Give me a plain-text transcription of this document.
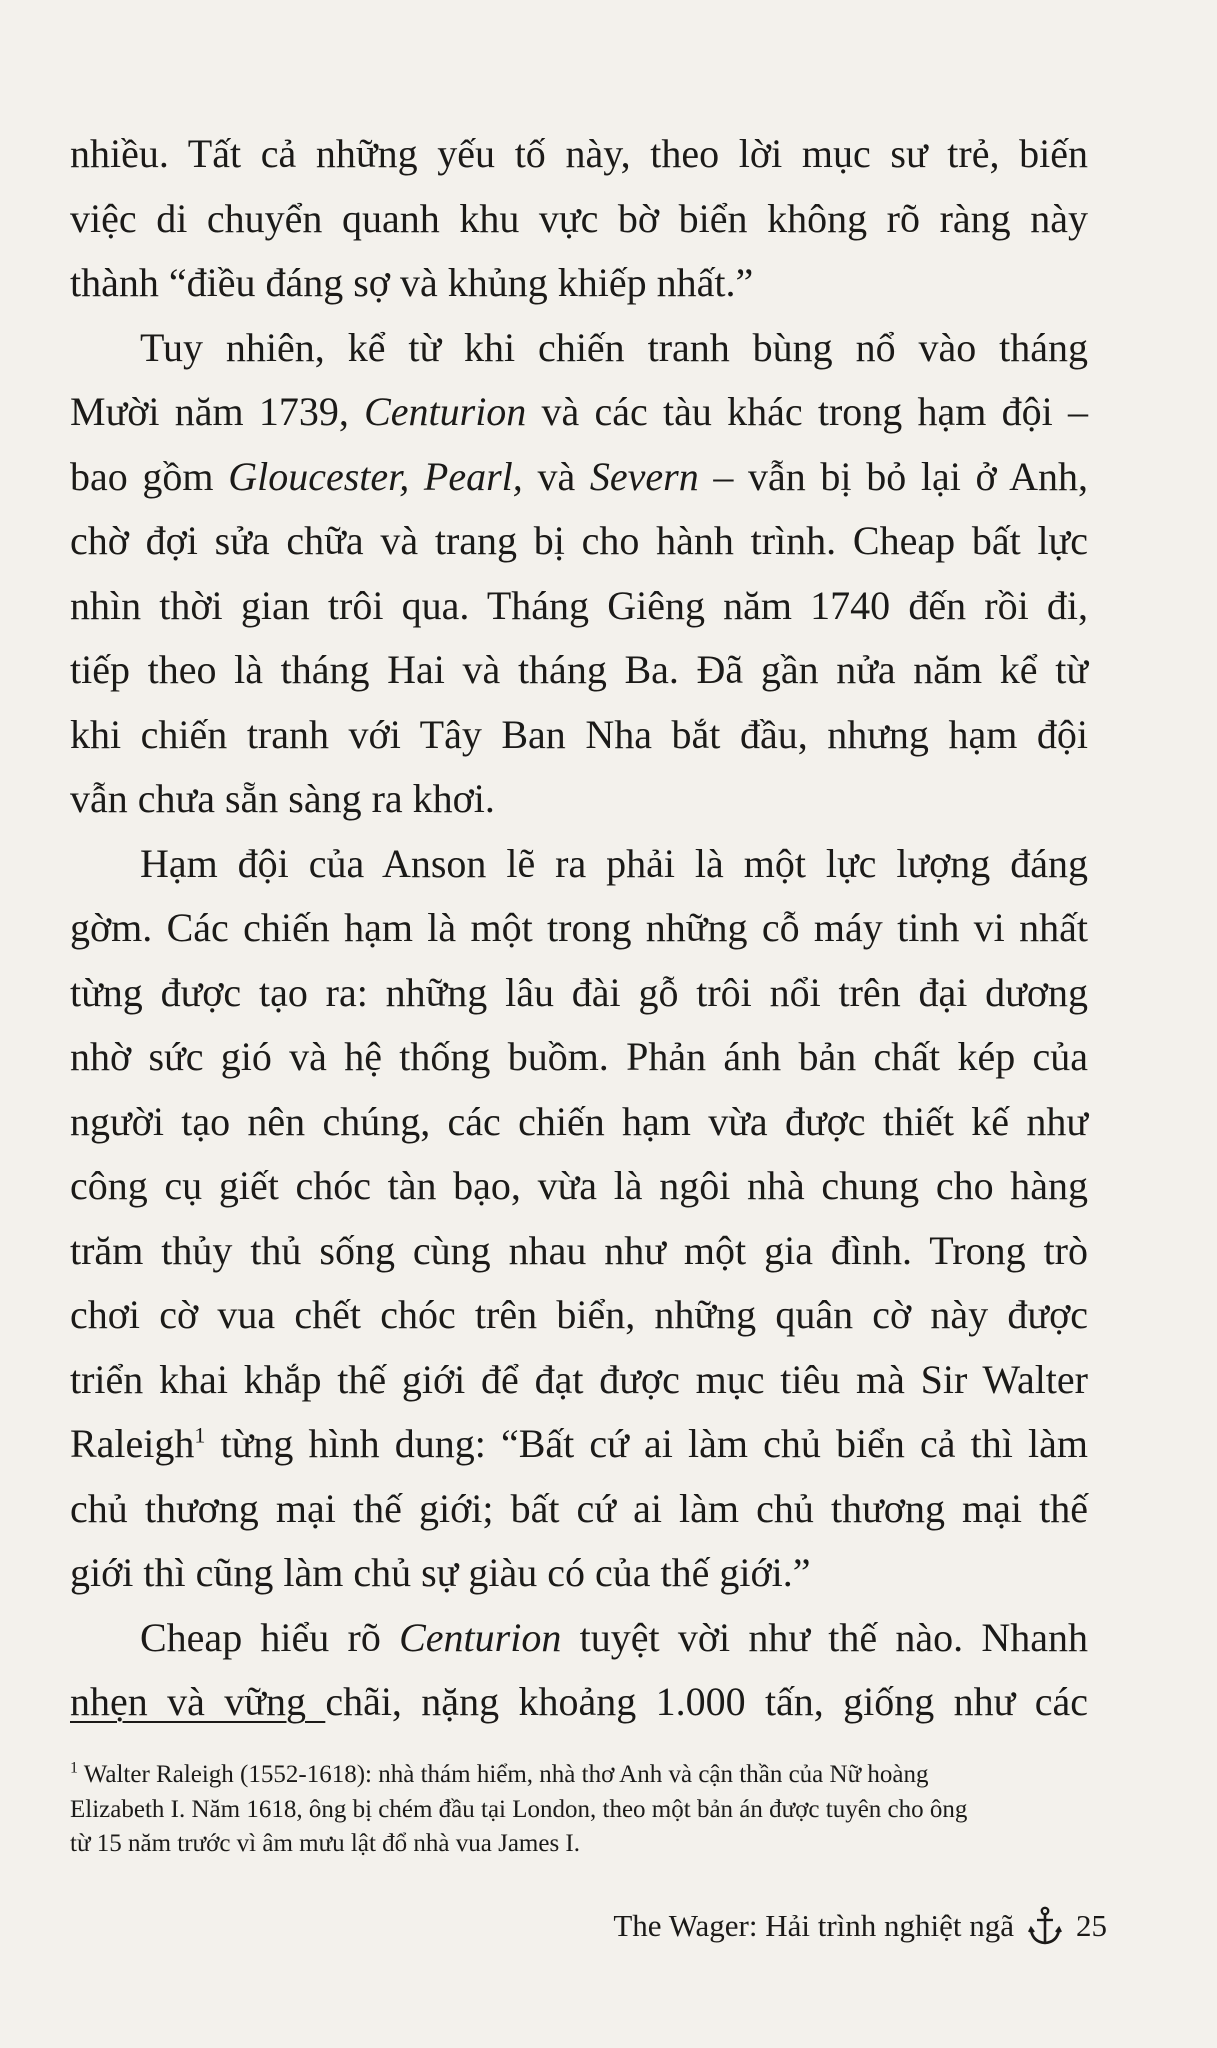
nhiều. Tất cả những yếu tố này, theo lời mục sư trẻ, biến
việc di chuyển quanh khu vực bờ biển không rõ ràng này
thành “điều đáng sợ và khủng khiếp nhất.”
Tuy nhiên, kể từ khi chiến tranh bùng nổ vào tháng
Mười năm 1739, Centurion và các tàu khác trong hạm đội –
bao gồm Gloucester, Pearl, và Severn – vẫn bị bỏ lại ở Anh,
chờ đợi sửa chữa và trang bị cho hành trình. Cheap bất lực
nhìn thời gian trôi qua. Tháng Giêng năm 1740 đến rồi đi,
tiếp theo là tháng Hai và tháng Ba. Đã gần nửa năm kể từ
khi chiến tranh với Tây Ban Nha bắt đầu, nhưng hạm đội
vẫn chưa sẵn sàng ra khơi.
Hạm đội của Anson lẽ ra phải là một lực lượng đáng
gờm. Các chiến hạm là một trong những cỗ máy tinh vi nhất
từng được tạo ra: những lâu đài gỗ trôi nổi trên đại dương
nhờ sức gió và hệ thống buồm. Phản ánh bản chất kép của
người tạo nên chúng, các chiến hạm vừa được thiết kế như
công cụ giết chóc tàn bạo, vừa là ngôi nhà chung cho hàng
trăm thủy thủ sống cùng nhau như một gia đình. Trong trò
chơi cờ vua chết chóc trên biển, những quân cờ này được
triển khai khắp thế giới để đạt được mục tiêu mà Sir Walter
Raleigh$^1$ từng hình dung: “Bất cứ ai làm chủ biển cả thì làm
chủ thương mại thế giới; bất cứ ai làm chủ thương mại thế
giới thì cũng làm chủ sự giàu có của thế giới.”
Cheap hiểu rõ Centurion tuyệt vời như thế nào. Nhanh
nhẹn và vững chãi, nặng khoảng 1.000 tấn, giống như các
$^1$ Walter Raleigh (1552-1618): nhà thám hiểm, nhà thơ Anh và cận thần của Nữ hoàng
Elizabeth I. Năm 1618, ông bị chém đầu tại London, theo một bản án được tuyên cho ông
từ 15 năm trước vì âm mưu lật đổ nhà vua James I.
The Wager: Hải trình nghiệt ngã 25
